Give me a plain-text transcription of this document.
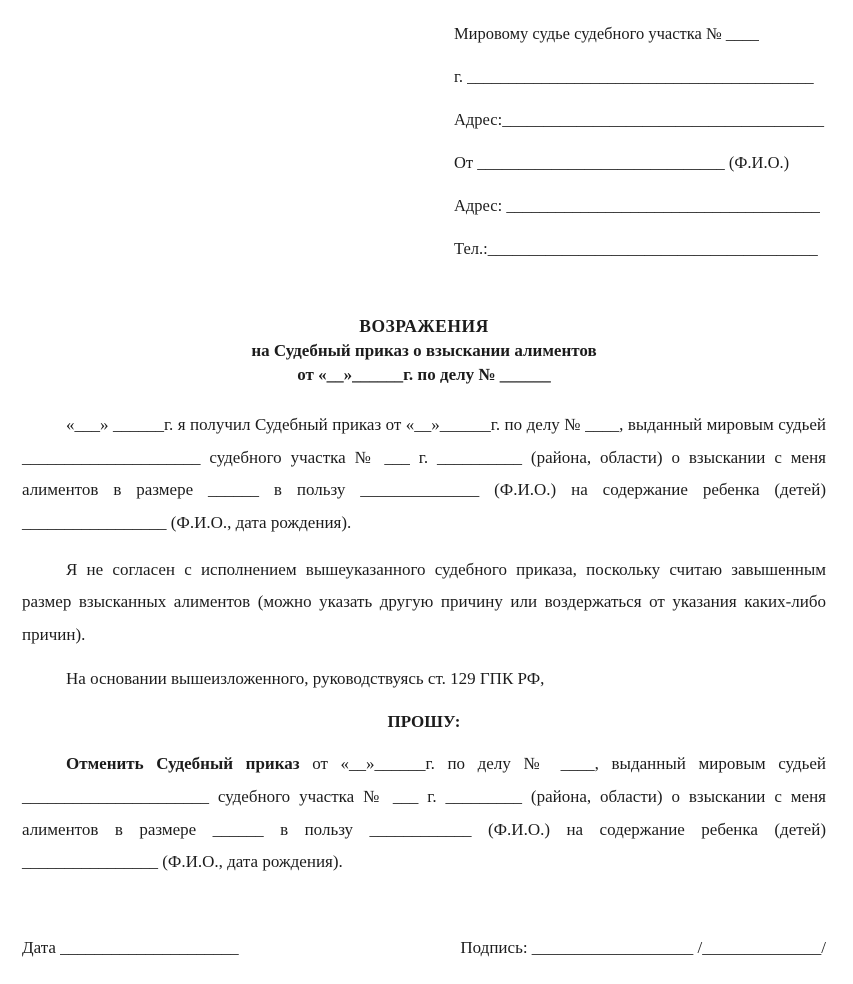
Мировому судье судебного участка № ____
г. __________________________________________
Адрес:_______________________________________
От ______________________________ (Ф.И.О.)
Адрес: ______________________________________
Тел.:________________________________________
ВОЗРАЖЕНИЯ
на Судебный приказ о взыскании алиментов
от «__»______г. по делу № ______

«___» ______г. я получил Судебный приказ от «__»______г. по делу № ____, выданный мировым судьей _____________________ судебного участка № ___ г. __________ (района, области) о взыскании с меня алиментов в размере ______ в пользу ______________ (Ф.И.О.) на содержание ребенка (детей) _________________ (Ф.И.О., дата рождения).

Я не согласен с исполнением вышеуказанного судебного приказа, поскольку считаю завышенным размер взысканных алиментов (можно указать другую причину или воздержаться от указания каких-либо причин).

На основании вышеизложенного, руководствуясь ст. 129 ГПК РФ,

ПРОШУ:

Отменить Судебный приказ от «__»______г. по делу № ____, выданный мировым судьей ______________________ судебного участка № ___ г. _________ (района, области) о взыскании с меня алиментов в размере ______ в пользу ____________ (Ф.И.О.) на содержание ребенка (детей) ________________ (Ф.И.О., дата рождения).

Дата _____________________	Подпись: ___________________ /______________/
